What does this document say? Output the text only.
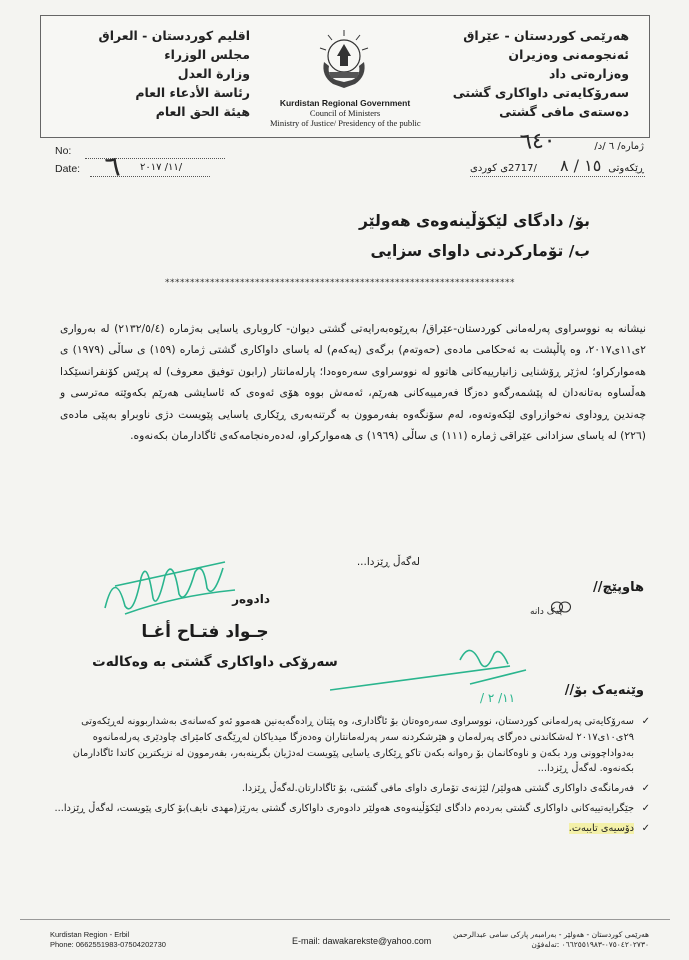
هەرێمی کوردستان - عێراق
ئەنجومەنی وەزیران
وەزارەتی داد
سەرۆکایەتی داواکاری گشتی
دەستەی مافی گشتی
اقليم كوردستان - العراق
مجلس الوزراء
وزارة العدل
رئاسة الأدعاء العام
هيئة الحق العام
Kurdistan Regional Government
Council of Ministers
Ministry of Justice/ Presidency of the public
No:
Date: ٦ /١١/ ٢٠١٧
ژمارە/ ٦ /د/
٦٤٠
ڕێکەوتی
١٥ / ٨
/2717ی کوردی
بۆ/ دادگای لێکۆڵینەوەی هەولێر
ب/ تۆمارکردنی داوای سزایی
**********************************************************************

نیشانە بە نووسراوی پەرلەمانی کوردستان-عێراق/ بەڕێوەبەرایەتی گشتی دیوان- کاروباری یاسایی بەژمارە (٢١٣٢/٥/٤) لە بەرواری ٢ی١١ی٢٠١٧، وە پاڵپشت بە ئەحکامی مادەی (حەوتەم) برگەی (یەکەم) لە یاسای داواکاری گشتی ژمارە (١٥٩) ی ساڵی (١٩٧٩) ی هەموارکراو؛ لەژێر ڕۆشنایی زانیارییەکانی هاتوو لە نووسراوی سەرەوەدا؛ پارلەمانتار (رابون توفيق معروف) لە پرێس کۆنفرانسێکدا هەڵساوە بەتانەدان لە پێشمەرگەو دەزگا فەرمییەکانی هەرێم، ئەمەش بووە هۆی ئەوەی کە ئاسایشی هەرێم بکەوێتە مەترسی و چەندین ڕوداوی نەخوازراوی لێکەوتەوە، لەم سۆنگەوە بفەرموون بە گرتنەبەری ڕێکاری یاسایی پێویست دژی ناوبراو بەپێی مادەی (٢٢٦) لە یاسای سزادانی عێراقی ژمارە (١١١) ی ساڵی (١٩٦٩) ی هەموارکراو، لەدەرەنجامەکەی ئاگادارمان بکەنەوە.

لەگەڵ ڕێزدا...
دادوەر
جـواد فتـاح أغـا
سەرۆکی داواکاری گشتی بە وەکالەت
هاوپێچ//
یەک دانە
/ ١١/ ٢	وێنەیەک بۆ//
✓
سەرۆکایەتی پەرلەمانی کوردستان، نووسراوی سەرەوەتان بۆ ئاگاداری، وە پێتان ڕادەگەیەنین هەموو ئەو کەسانەی بەشداربوونە لەڕێکەوتی ٢٩ی١٠ی٢٠١٧ لەشکاندنی دەرگای پەرلەمان و هێرشکردنە سەر پەرلەمانتاران وەدەزگا میدیاکان لەڕێگەی کامێرای چاودێری پەرلەمانەوە بەدواداچوونی ورد بکەن و ناوەکانمان بۆ رەوانە بکەن تاکو ڕێکاری یاسایی پێویست لەدژیان بگرینەبەر، بفەرموون لە نزیکترین کاتدا ئاگادارمان بکەنەوە. لەگەڵ ڕێزدا...
✓
فەرمانگەی داواکاری گشتی هەولێر/ لێژنەی تۆماری داوای مافی گشتی، بۆ ئاگادارتان.لەگەڵ ڕێزدا.
✓
جێگرایەتییەکانی داواکاری گشتی بەردەم دادگای لێکۆڵینەوەی هەولێر دادوەری داواکاری گشتی بەرێز(مهدی نايف)بۆ کاری پێویست، لەگەڵ ڕێزدا...
✓
دۆسیەی تایبەت.
Kurdistan Region - Erbil
Phone: 0662551983-07504202730	E-mail: dawakarekste@yahoo.com
هەرێمی کوردستان - هەولێر - بەرامبەر پارکی سامی عبدالرحمن
٠٧٥٠٤٢٠٢٧٣٠-٠٦٦٢٥٥١٩٨٣ :تەلەفۆن
